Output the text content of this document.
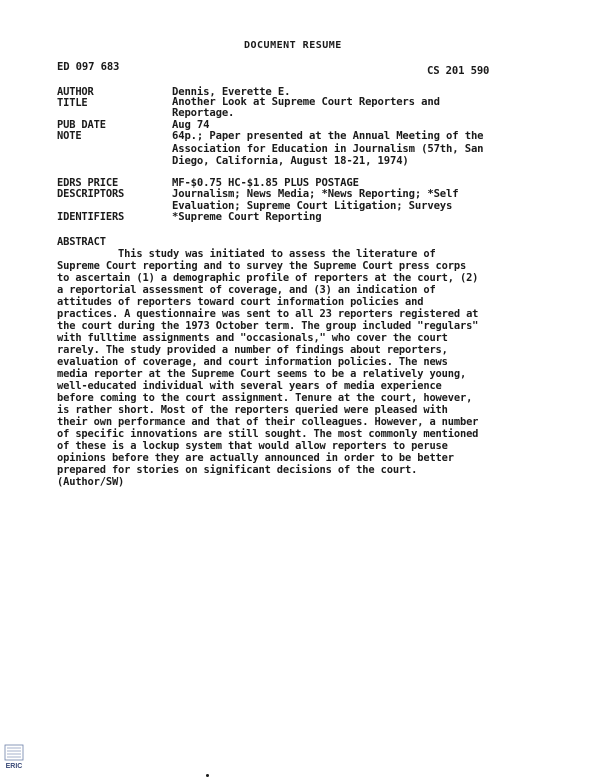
DOCUMENT RESUME
ED 097 683	CS 201 590
AUTHOR	Dennis, Everette E.
TITLE	Another Look at Supreme Court Reporters and
Reportage.
PUB DATE	Aug 74
NOTE	64p.; Paper presented at the Annual Meeting of the
Association for Education in Journalism (57th, San
Diego, California, August 18-21, 1974)
EDRS PRICE	MF-$0.75 HC-$1.85 PLUS POSTAGE
DESCRIPTORS	Journalism; News Media; *News Reporting; *Self
Evaluation; Supreme Court Litigation; Surveys
IDENTIFIERS	*Supreme Court Reporting
ABSTRACT
This study was initiated to assess the literature of
Supreme Court reporting and to survey the Supreme Court press corps
to ascertain (1) a demographic profile of reporters at the court, (2)
a reportorial assessment of coverage, and (3) an indication of
attitudes of reporters toward court information policies and
practices. A questionnaire was sent to all 23 reporters registered at
the court during the 1973 October term. The group included "regulars"
with fulltime assignments and "occasionals," who cover the court
rarely. The study provided a number of findings about reporters,
evaluation of coverage, and court information policies. The news
media reporter at the Supreme Court seems to be a relatively young,
well-educated individual with several years of media experience
before coming to the court assignment. Tenure at the court, however,
is rather short. Most of the reporters queried were pleased with
their own performance and that of their colleagues. However, a number
of specific innovations are still sought. The most commonly mentioned
of these is a lockup system that would allow reporters to peruse
opinions before they are actually announced in order to be better
prepared for stories on significant decisions of the court.
(Author/SW)
ERIC
